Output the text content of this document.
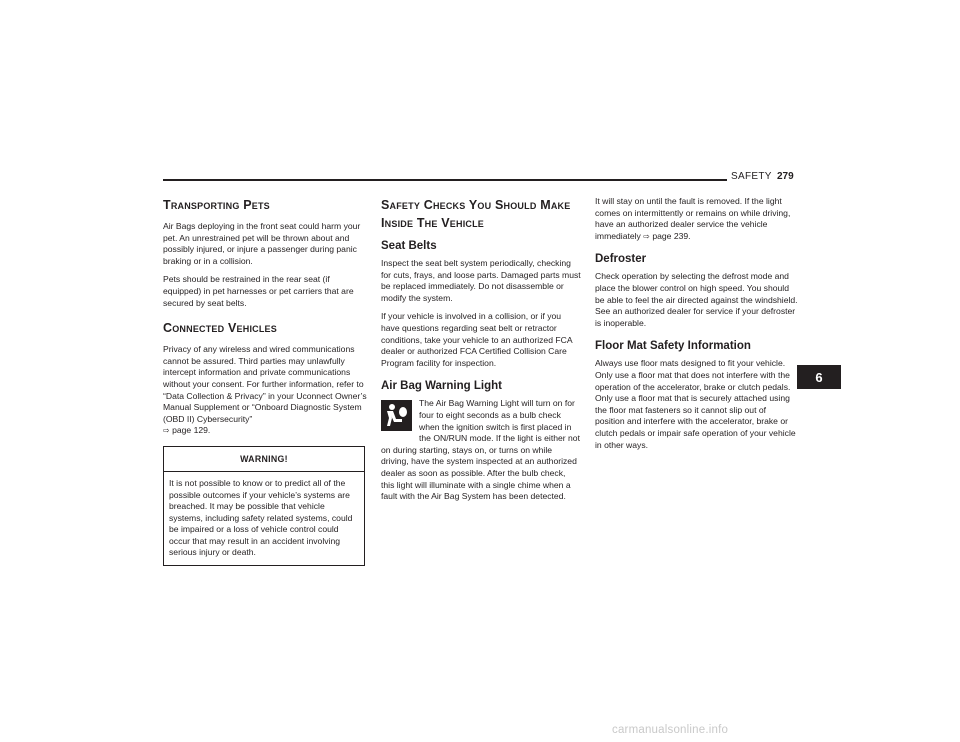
SAFETY 279
Transporting Pets

Air Bags deploying in the front seat could harm your pet. An unrestrained pet will be thrown about and possibly injured, or injure a passenger during panic braking or in a collision.

Pets should be restrained in the rear seat (if equipped) in pet harnesses or pet carriers that are secured by seat belts.

Connected Vehicles

Privacy of any wireless and wired communications cannot be assured. Third parties may unlawfully intercept information and private communications without your consent. For further information, refer to “Data Collection & Privacy” in your Uconnect Owner’s Manual Supplement or “Onboard Diagnostic System (OBD II) Cybersecurity”
⇨ page 129.

WARNING!

It is not possible to know or to predict all of the possible outcomes if your vehicle’s systems are breached. It may be possible that vehicle systems, including safety related systems, could be impaired or a loss of vehicle control could occur that may result in an accident involving serious injury or death.

Safety Checks You Should Make
Inside The Vehicle
Seat Belts

Inspect the seat belt system periodically, checking for cuts, frays, and loose parts. Damaged parts must be replaced immediately. Do not disassemble or modify the system.

If your vehicle is involved in a collision, or if you have questions regarding seat belt or retractor conditions, take your vehicle to an authorized FCA dealer or authorized FCA Certified Collision Care Program facility for inspection.

Air Bag Warning Light

The Air Bag Warning Light will turn on for four to eight seconds as a bulb check when the ignition switch is first placed in the ON/RUN mode. If the light is either not on during starting, stays on, or turns on while driving, have the system inspected at an authorized dealer as soon as possible. After the bulb check, this light will illuminate with a single chime when a fault with the Air Bag System has been detected.

It will stay on until the fault is removed. If the light comes on intermittently or remains on while driving, have an authorized dealer service the vehicle immediately ⇨ page 239.

Defroster

Check operation by selecting the defrost mode and place the blower control on high speed. You should be able to feel the air directed against the windshield. See an authorized dealer for service if your defroster is inoperable.

Floor Mat Safety Information

Always use floor mats designed to fit your vehicle. Only use a floor mat that does not interfere with the operation of the accelerator, brake or clutch pedals. Only use a floor mat that is securely attached using the floor mat fasteners so it cannot slip out of position and interfere with the accelerator, brake or clutch pedals or impair safe operation of your vehicle in other ways.

6
carmanualsonline.info
